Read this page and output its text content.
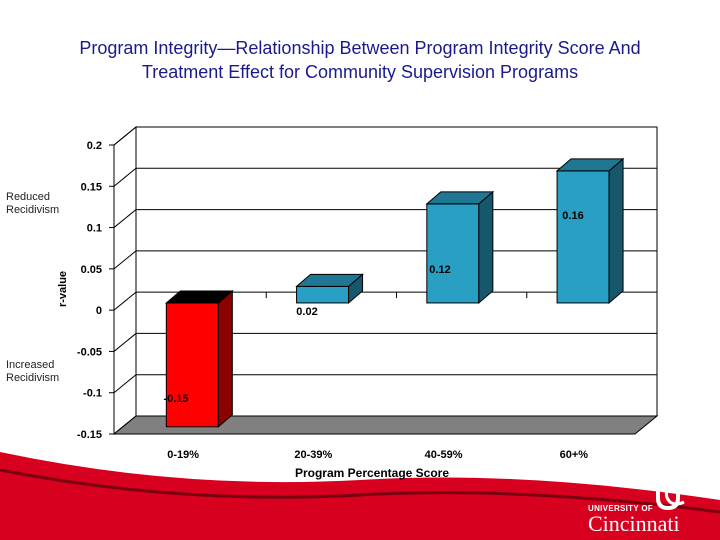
Program Integrity—Relationship Between Program Integrity Score And
Treatment Effect for Community Supervision Programs
Reduced
Recidivism
Increased
Recidivism
0.2
0.15
0.1
0.05
0
-0.05
-0.1
-0.15
-0.15
0-19%
0.02
20-39%
0.12
40-59%
0.16
60+%
Program Percentage Score
r-value
UNIVERSITY OF
Cincinnati
